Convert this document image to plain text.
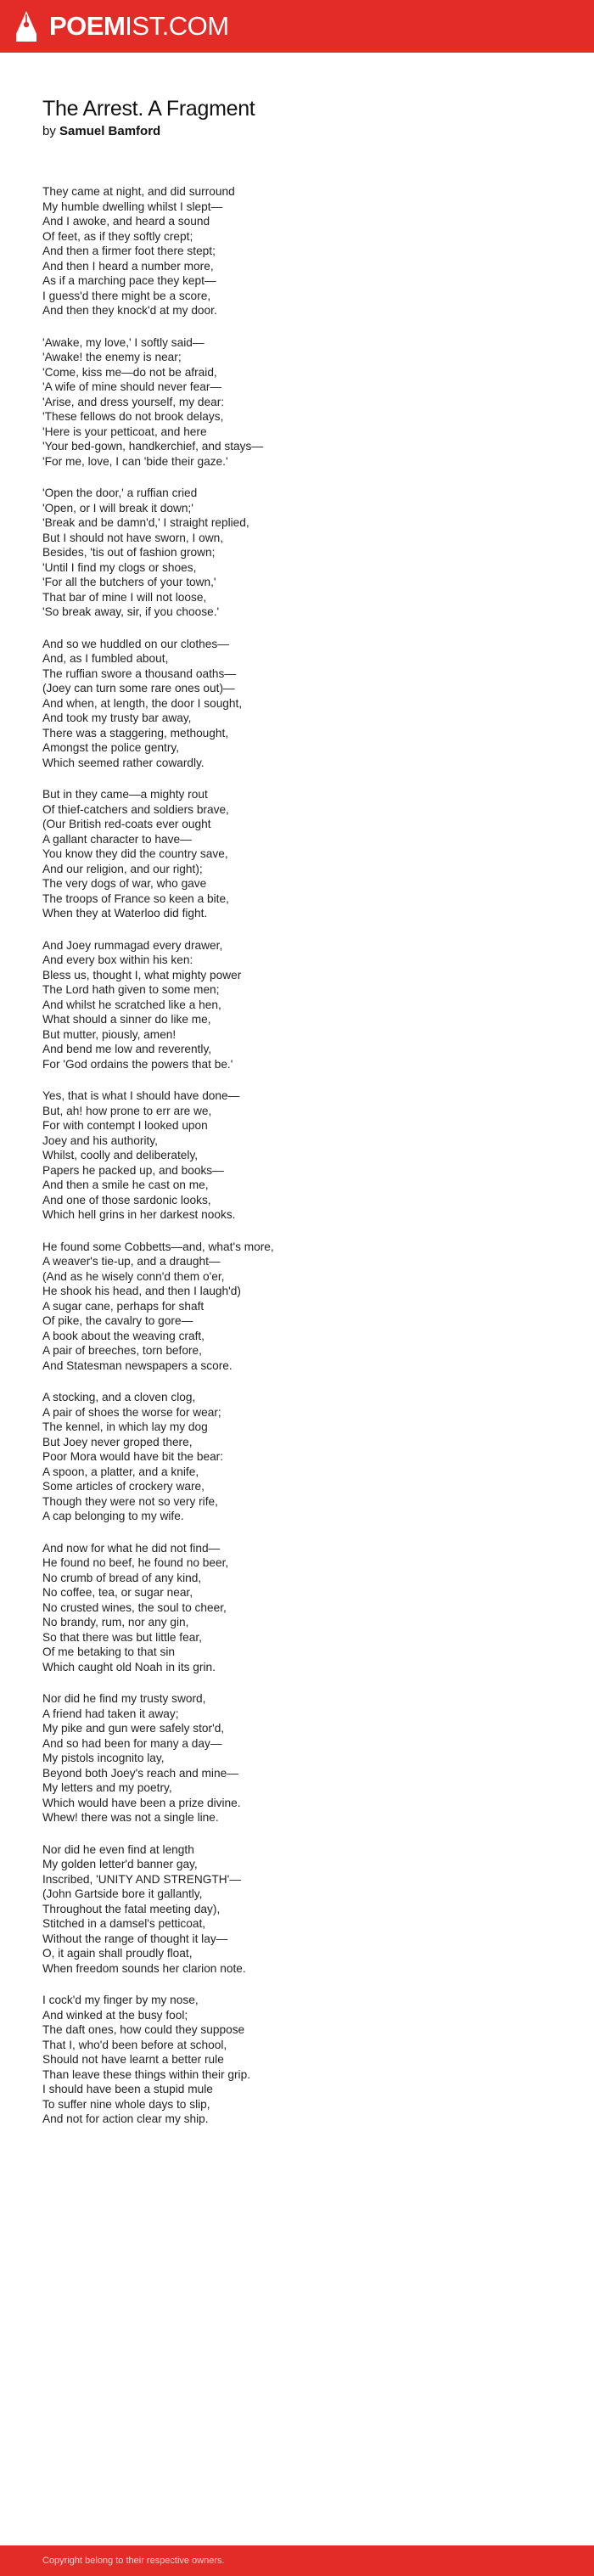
POEMIST.COM
The Arrest. A Fragment
by Samuel Bamford
They came at night, and did surround
My humble dwelling whilst I slept—
And I awoke, and heard a sound
Of feet, as if they softly crept;
And then a firmer foot there stept;
And then I heard a number more,
As if a marching pace they kept—
I guess'd there might be a score,
And then they knock'd at my door.
'Awake, my love,' I softly said—
'Awake! the enemy is near;
'Come, kiss me—do not be afraid,
'A wife of mine should never fear—
'Arise, and dress yourself, my dear:
'These fellows do not brook delays,
'Here is your petticoat, and here
'Your bed-gown, handkerchief, and stays—
'For me, love, I can 'bide their gaze.'
'Open the door,' a ruffian cried
'Open, or I will break it down;'
'Break and be damn'd,' I straight replied,
But I should not have sworn, I own,
Besides, 'tis out of fashion grown;
'Until I find my clogs or shoes,
'For all the butchers of your town,'
That bar of mine I will not loose,
'So break away, sir, if you choose.'
And so we huddled on our clothes—
And, as I fumbled about,
The ruffian swore a thousand oaths—
(Joey can turn some rare ones out)—
And when, at length, the door I sought,
And took my trusty bar away,
There was a staggering, methought,
Amongst the police gentry,
Which seemed rather cowardly.
But in they came—a mighty rout
Of thief-catchers and soldiers brave,
(Our British red-coats ever ought
A gallant character to have—
You know they did the country save,
And our religion, and our right);
The very dogs of war, who gave
The troops of France so keen a bite,
When they at Waterloo did fight.
And Joey rummagad every drawer,
And every box within his ken:
Bless us, thought I, what mighty power
The Lord hath given to some men;
And whilst he scratched like a hen,
What should a sinner do like me,
But mutter, piously, amen!
And bend me low and reverently,
For 'God ordains the powers that be.'
Yes, that is what I should have done—
But, ah! how prone to err are we,
For with contempt I looked upon
Joey and his authority,
Whilst, coolly and deliberately,
Papers he packed up, and books—
And then a smile he cast on me,
And one of those sardonic looks,
Which hell grins in her darkest nooks.
He found some Cobbetts—and, what's more,
A weaver's tie-up, and a draught—
(And as he wisely conn'd them o'er,
He shook his head, and then I laugh'd)
A sugar cane, perhaps for shaft
Of pike, the cavalry to gore—
A book about the weaving craft,
A pair of breeches, torn before,
And Statesman newspapers a score.
A stocking, and a cloven clog,
A pair of shoes the worse for wear;
The kennel, in which lay my dog
But Joey never groped there,
Poor Mora would have bit the bear:
A spoon, a platter, and a knife,
Some articles of crockery ware,
Though they were not so very rife,
A cap belonging to my wife.
And now for what he did not find—
He found no beef, he found no beer,
No crumb of bread of any kind,
No coffee, tea, or sugar near,
No crusted wines, the soul to cheer,
No brandy, rum, nor any gin,
So that there was but little fear,
Of me betaking to that sin
Which caught old Noah in its grin.
Nor did he find my trusty sword,
A friend had taken it away;
My pike and gun were safely stor'd,
And so had been for many a day—
My pistols incognito lay,
Beyond both Joey's reach and mine—
My letters and my poetry,
Which would have been a prize divine.
Whew! there was not a single line.
Nor did he even find at length
My golden letter'd banner gay,
Inscribed, 'UNITY AND STRENGTH'—
(John Gartside bore it gallantly,
Throughout the fatal meeting day),
Stitched in a damsel's petticoat,
Without the range of thought it lay—
O, it again shall proudly float,
When freedom sounds her clarion note.
I cock'd my finger by my nose,
And winked at the busy fool;
The daft ones, how could they suppose
That I, who'd been before at school,
Should not have learnt a better rule
Than leave these things within their grip.
I should have been a stupid mule
To suffer nine whole days to slip,
And not for action clear my ship.
Copyright belong to their respective owners.
